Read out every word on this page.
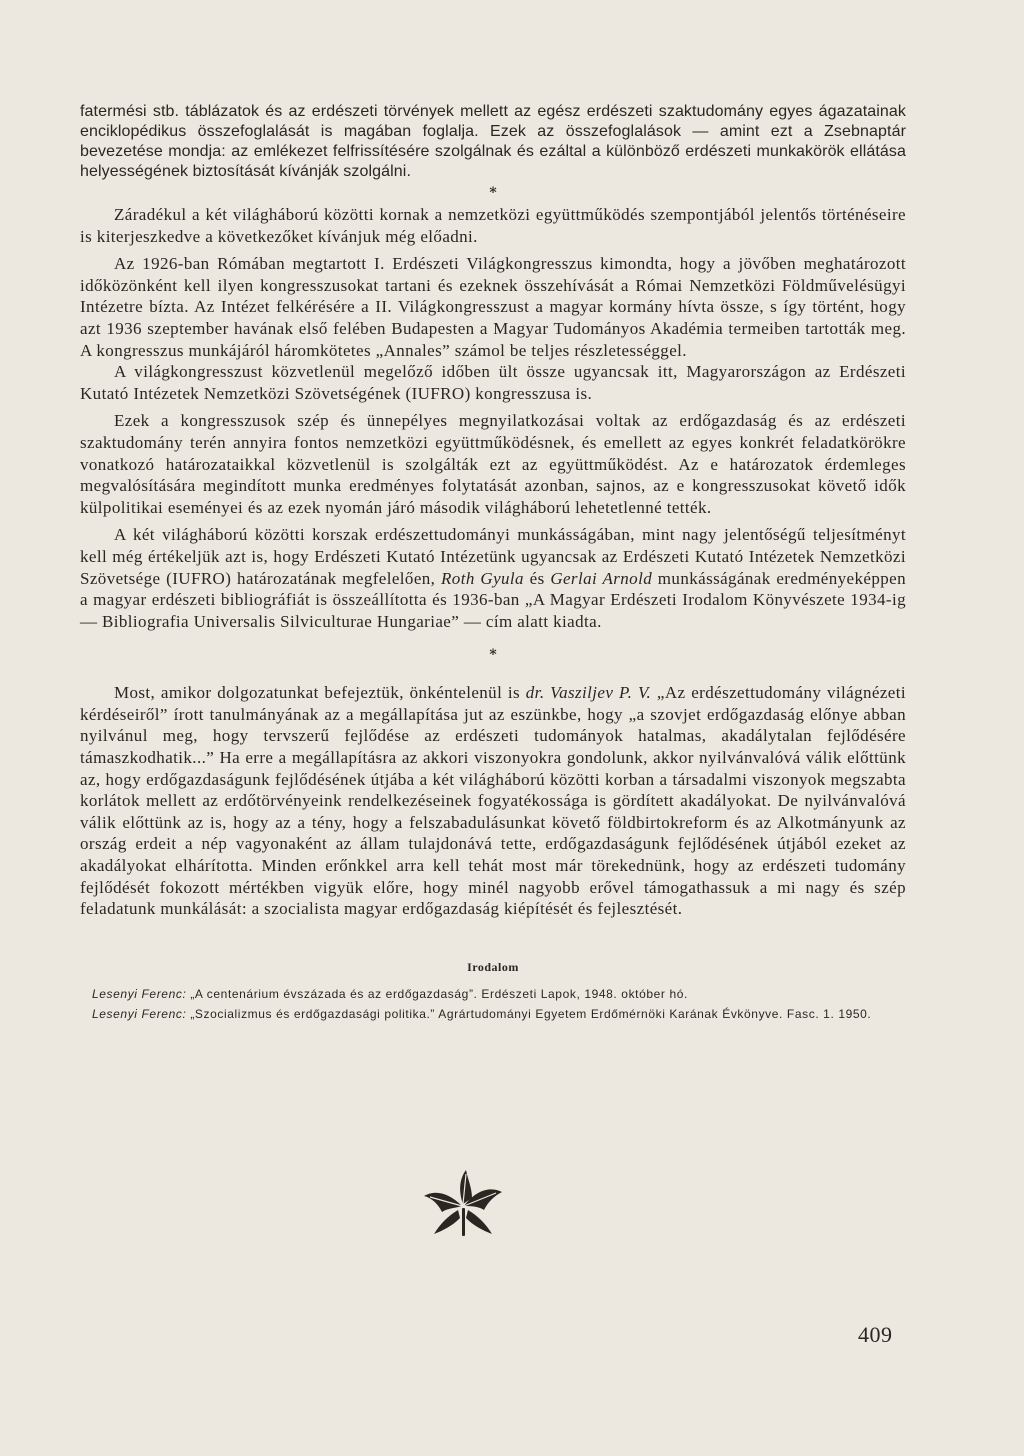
fatermési stb. táblázatok és az erdészeti törvények mellett az egész erdészeti szaktudomány egyes ágazatainak enciklopédikus összefoglalását is magában foglalja. Ezek az összefoglalások — amint ezt a Zsebnaptár bevezetése mondja: az emlékezet felfrissítésére szolgálnak és ezáltal a különböző erdészeti munkakörök ellátása helyességének biztosítását kívánják szolgálni.

*

Záradékul a két világháború közötti kornak a nemzetközi együttműködés szempontjából jelentős történéseire is kiterjeszkedve a következőket kívánjuk még előadni.

Az 1926-ban Rómában megtartott I. Erdészeti Világkongresszus kimondta, hogy a jövőben meghatározott időközönként kell ilyen kongresszusokat tartani és ezeknek összehívását a Római Nemzetközi Földművelésügyi Intézetre bízta. Az Intézet felkérésére a II. Világkongresszust a magyar kormány hívta össze, s így történt, hogy azt 1936 szeptember havának első felében Budapesten a Magyar Tudományos Akadémia termeiben tartották meg. A kongresszus munkájáról háromkötetes „Annales” számol be teljes részletességgel.

A világkongresszust közvetlenül megelőző időben ült össze ugyancsak itt, Magyarországon az Erdészeti Kutató Intézetek Nemzetközi Szövetségének (IUFRO) kongresszusa is.

Ezek a kongresszusok szép és ünnepélyes megnyilatkozásai voltak az erdőgazdaság és az erdészeti szaktudomány terén annyira fontos nemzetközi együttműködésnek, és emellett az egyes konkrét feladatkörökre vonatkozó határozataikkal közvetlenül is szolgálták ezt az együttműködést. Az e határozatok érdemleges megvalósítására megindított munka eredményes folytatását azonban, sajnos, az e kongresszusokat követő idők külpolitikai eseményei és az ezek nyomán járó második világháború lehetetlenné tették.

A két világháború közötti korszak erdészettudományi munkásságában, mint nagy jelentőségű teljesítményt kell még értékeljük azt is, hogy Erdészeti Kutató Intézetünk ugyancsak az Erdészeti Kutató Intézetek Nemzetközi Szövetsége (IUFRO) határozatának megfelelően, Roth Gyula és Gerlai Arnold munkásságának eredményeképpen a magyar erdészeti bibliográfiát is összeállította és 1936-ban „A Magyar Erdészeti Irodalom Könyvészete 1934-ig — Bibliografia Universalis Silviculturae Hungariae” — cím alatt kiadta.

*

Most, amikor dolgozatunkat befejeztük, önkéntelenül is dr. Vasziljev P. V. „Az erdészettudomány világnézeti kérdéseiről” írott tanulmányának az a megállapítása jut az eszünkbe, hogy „a szovjet erdőgazdaság előnye abban nyilvánul meg, hogy tervszerű fejlődése az erdészeti tudományok hatalmas, akadálytalan fejlődésére támaszkodhatik...” Ha erre a megállapításra az akkori viszonyokra gondolunk, akkor nyilvánvalóvá válik előttünk az, hogy erdőgazdaságunk fejlődésének útjába a két világháború közötti korban a társadalmi viszonyok megszabta korlátok mellett az erdőtörvényeink rendelkezéseinek fogyatékossága is gördített akadályokat. De nyilvánvalóvá válik előttünk az is, hogy az a tény, hogy a felszabadulásunkat követő földbirtokreform és az Alkotmányunk az ország erdeit a nép vagyonaként az állam tulajdonává tette, erdőgazdaságunk fejlődésének útjából ezeket az akadályokat elhárította. Minden erőnkkel arra kell tehát most már törekednünk, hogy az erdészeti tudomány fejlődését fokozott mértékben vigyük előre, hogy minél nagyobb erővel támogathassuk a mi nagy és szép feladatunk munkálását: a szocialista magyar erdőgazdaság kiépítését és fejlesztését.

Irodalom
Lesenyi Ferenc: „A centenárium évszázada és az erdőgazdaság”. Erdészeti Lapok, 1948. október hó.
Lesenyi Ferenc: „Szocializmus és erdőgazdasági politika.” Agrártudományi Egyetem Erdőmérnöki Karának Évkönyve. Fasc. 1. 1950.
409
